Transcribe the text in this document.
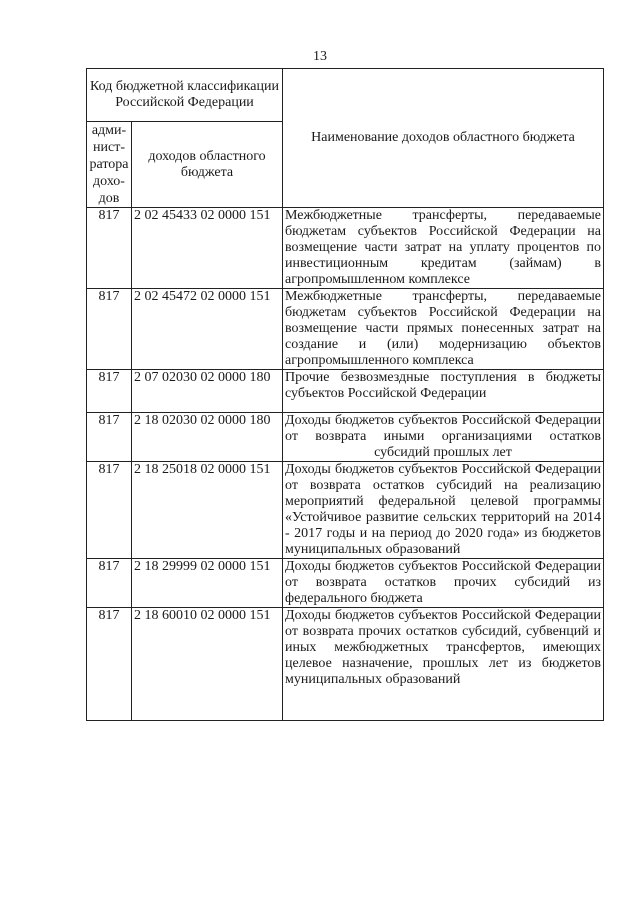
13
Код бюджетной классификации Российской Федерации		Наименование доходов областного бюджета
адми-нист-ратора дохо-дов	доходов областного бюджета	
817	2 02 45433 02 0000 151	Межбюджетные трансферты, передаваемые бюджетам субъектов Российской Федерации на возмещение части затрат на уплату процентов по инвестиционным кредитам (займам) в агропромышленном комплексе
817	2 02 45472 02 0000 151	Межбюджетные трансферты, передаваемые бюджетам субъектов Российской Федерации на возмещение части прямых понесенных затрат на создание и (или) модернизацию объектов агропромышленного комплекса
817	2 07 02030 02 0000 180	Прочие безвозмездные поступления в бюджеты субъектов Российской Федерации
817	2 18 02030 02 0000 180	Доходы бюджетов субъектов Российской Федерации от возврата иными организациями остатков субсидий прошлых лет
817	2 18 25018 02 0000 151	Доходы бюджетов субъектов Российской Федерации от возврата остатков субсидий на реализацию мероприятий федеральной целевой программы «Устойчивое развитие сельских территорий на 2014 - 2017 годы и на период до 2020 года» из бюджетов муниципальных образований
817	2 18 29999 02 0000 151	Доходы бюджетов субъектов Российской Федерации от возврата остатков прочих субсидий из федерального бюджета
817	2 18 60010 02 0000 151	Доходы бюджетов субъектов Российской Федерации от возврата прочих остатков субсидий, субвенций и иных межбюджетных трансфертов, имеющих целевое назначение, прошлых лет из бюджетов муниципальных образований
